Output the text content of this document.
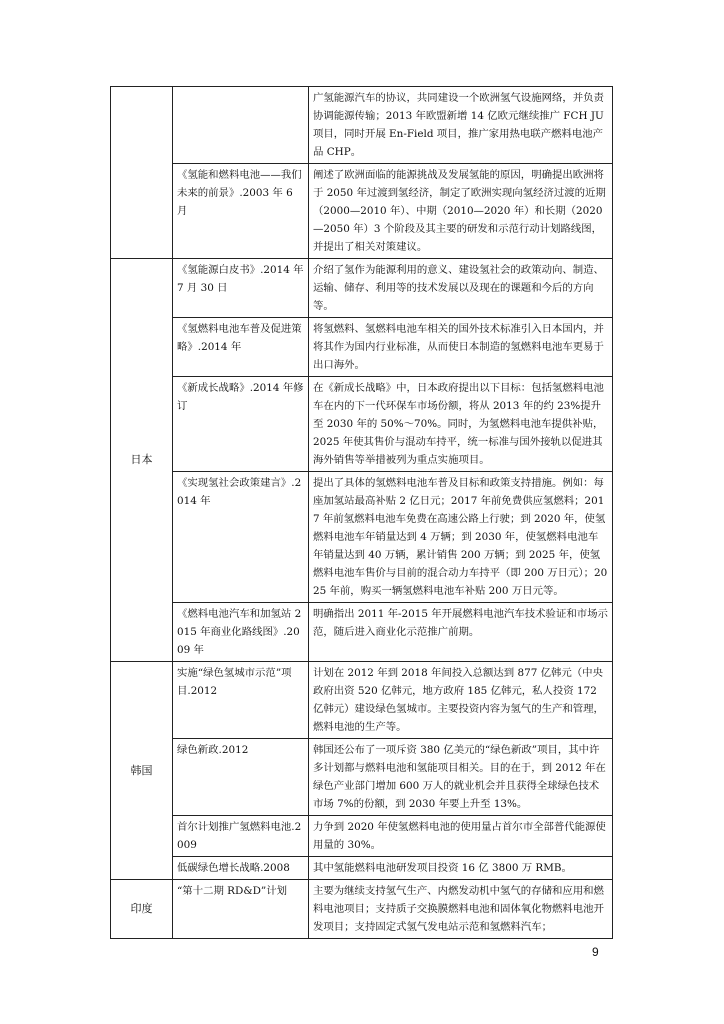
		广氢能源汽车的协议，共同建设一个欧洲氢气设施网络，并负责协调能源传输；2013 年欧盟新增 14 亿欧元继续推广 FCH JU 项目，同时开展 En-Field 项目，推广家用热电联产燃料电池产品 CHP。
	《氢能和燃料电池——我们未来的前景》.2003 年 6 月	阐述了欧洲面临的能源挑战及发展氢能的原因，明确提出欧洲将于 2050 年过渡到氢经济，制定了欧洲实现向氢经济过渡的近期（2000—2010 年）、中期（2010—2020 年）和长期（2020—2050 年）3 个阶段及其主要的研发和示范行动计划路线图，并提出了相关对策建议。
日本	《氢能源白皮书》.2014 年 7 月 30 日	介绍了氢作为能源利用的意义、建设氢社会的政策动向、制造、运输、储存、利用等的技术发展以及现在的课题和今后的方向等。
	《氢燃料电池车普及促进策略》.2014 年	将氢燃料、氢燃料电池车相关的国外技术标准引入日本国内，并将其作为国内行业标准，从而使日本制造的氢燃料电池车更易于出口海外。
	《新成长战略》.2014 年修订	在《新成长战略》中，日本政府提出以下目标：包括氢燃料电池车在内的下一代环保车市场份额，将从 2013 年的约 23%提升至 2030 年的 50%～70%。同时，为氢燃料电池车提供补贴，2025 年使其售价与混动车持平，统一标准与国外接轨以促进其海外销售等举措被列为重点实施项目。
	《实现氢社会政策建言》.2014 年	提出了具体的氢燃料电池车普及目标和政策支持措施。例如：每座加氢站最高补贴 2 亿日元；2017 年前免费供应氢燃料；2017 年前氢燃料电池车免费在高速公路上行驶；到 2020 年，使氢燃料电池车年销量达到 4 万辆；到 2030 年，使氢燃料电池车年销量达到 40 万辆，累计销售 200 万辆；到 2025 年，使氢燃料电池车售价与目前的混合动力车持平（即 200 万日元）；2025 年前，购买一辆氢燃料电池车补贴 200 万日元等。
	《燃料电池汽车和加氢站 2015 年商业化路线图》.2009 年	明确指出 2011 年-2015 年开展燃料电池汽车技术验证和市场示范，随后进入商业化示范推广前期。
韩国	实施“绿色氢城市示范”项目.2012	计划在 2012 年到 2018 年间投入总额达到 877 亿韩元（中央政府出资 520 亿韩元，地方政府 185 亿韩元，私人投资 172 亿韩元）建设绿色氢城市。主要投资内容为氢气的生产和管理，燃料电池的生产等。
	绿色新政.2012	韩国还公布了一项斥资 380 亿美元的“绿色新政”项目，其中许多计划都与燃料电池和氢能项目相关。目的在于，到 2012 年在绿色产业部门增加 600 万人的就业机会并且获得全球绿色技术市场 7%的份额，到 2030 年要上升至 13%。
	首尔计划推广氢燃料电池.2009	力争到 2020 年使氢燃料电池的使用量占首尔市全部普代能源使用量的 30%。
	低碳绿色增长战略.2008	其中氢能燃料电池研发项目投资 16 亿 3800 万 RMB。
印度	“第十二期 RD&D”计划	主要为继续支持氢气生产、内燃发动机中氢气的存储和应用和燃料电池项目；支持质子交换膜燃料电池和固体氧化物燃料电池开发项目；支持固定式氢气发电站示范和氢燃料汽车；
9
